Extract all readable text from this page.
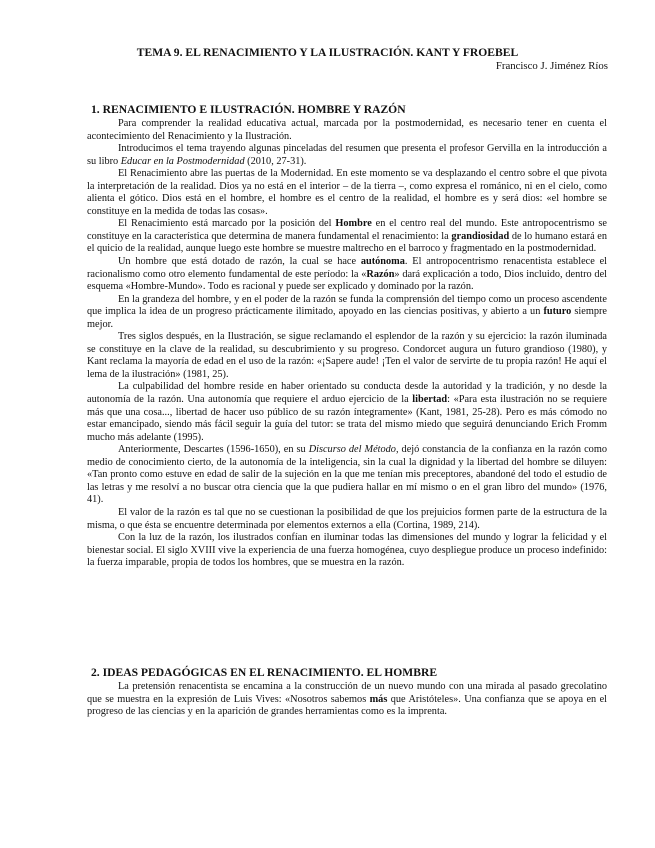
TEMA 9. EL RENACIMIENTO Y LA ILUSTRACIÓN. KANT Y FROEBEL

Francisco J. Jiménez Ríos

1. RENACIMIENTO E ILUSTRACIÓN. HOMBRE Y RAZÓN

Para comprender la realidad educativa actual, marcada por la postmodernidad, es necesario tener en cuenta el acontecimiento del Renacimiento y la Ilustración.

Introducimos el tema trayendo algunas pinceladas del resumen que presenta el profesor Gervilla en la introducción a su libro Educar en la Postmodernidad (2010, 27-31).

El Renacimiento abre las puertas de la Modernidad. En este momento se va desplazando el centro sobre el que pivota la interpretación de la realidad. Dios ya no está en el interior – de la tierra –, como expresa el románico, ni en el cielo, como alienta el gótico. Dios está en el hombre, el hombre es el centro de la realidad, el hombre es y será dios: «el hombre se constituye en la medida de todas las cosas».

El Renacimiento está marcado por la posición del Hombre en el centro real del mundo. Este antropocentrismo se constituye en la característica que determina de manera fundamental el renacimiento: la grandiosidad de lo humano estará en el quicio de la realidad, aunque luego este hombre se muestre maltrecho en el barroco y fragmentado en la postmodernidad.

Un hombre que está dotado de razón, la cual se hace autónoma. El antropocentrismo renacentista establece el racionalismo como otro elemento fundamental de este período: la «Razón» dará explicación a todo, Dios incluido, dentro del esquema «Hombre-Mundo». Todo es racional y puede ser explicado y dominado por la razón.

En la grandeza del hombre, y en el poder de la razón se funda la comprensión del tiempo como un proceso ascendente que implica la idea de un progreso prácticamente ilimitado, apoyado en las ciencias positivas, y abierto a un futuro siempre mejor.

Tres siglos después, en la Ilustración, se sigue reclamando el esplendor de la razón y su ejercicio: la razón iluminada se constituye en la clave de la realidad, su descubrimiento y su progreso. Condorcet augura un futuro grandioso (1980), y Kant reclama la mayoría de edad en el uso de la razón: «¡Sapere aude! ¡Ten el valor de servirte de tu propia razón! He aquí el lema de la ilustración» (1981, 25).

La culpabilidad del hombre reside en haber orientado su conducta desde la autoridad y la tradición, y no desde la autonomía de la razón. Una autonomía que requiere el arduo ejercicio de la libertad: «Para esta ilustración no se requiere más que una cosa..., libertad de hacer uso público de su razón íntegramente» (Kant, 1981, 25-28). Pero es más cómodo no estar emancipado, siendo más fácil seguir la guía del tutor: se trata del mismo miedo que seguirá denunciando Erich Fromm mucho más adelante (1995).

Anteriormente, Descartes (1596-1650), en su Discurso del Método, dejó constancia de la confianza en la razón como medio de conocimiento cierto, de la autonomía de la inteligencia, sin la cual la dignidad y la libertad del hombre se diluyen: «Tan pronto como estuve en edad de salir de la sujeción en la que me tenían mis preceptores, abandoné del todo el estudio de las letras y me resolví a no buscar otra ciencia que la que pudiera hallar en mí mismo o en el gran libro del mundo» (1976, 41).

El valor de la razón es tal que no se cuestionan la posibilidad de que los prejuicios formen parte de la estructura de la misma, o que ésta se encuentre determinada por elementos externos a ella (Cortina, 1989, 214).

Con la luz de la razón, los ilustrados confían en iluminar todas las dimensiones del mundo y lograr la felicidad y el bienestar social. El siglo XVIII vive la experiencia de una fuerza homogénea, cuyo despliegue produce un proceso indefinido: la fuerza imparable, propia de todos los hombres, que se muestra en la razón.

2. IDEAS PEDAGÓGICAS EN EL RENACIMIENTO. EL HOMBRE

La pretensión renacentista se encamina a la construcción de un nuevo mundo con una mirada al pasado grecolatino que se muestra en la expresión de Luis Vives: «Nosotros sabemos más que Aristóteles». Una confianza que se apoya en el progreso de las ciencias y en la aparición de grandes herramientas como es la imprenta.
